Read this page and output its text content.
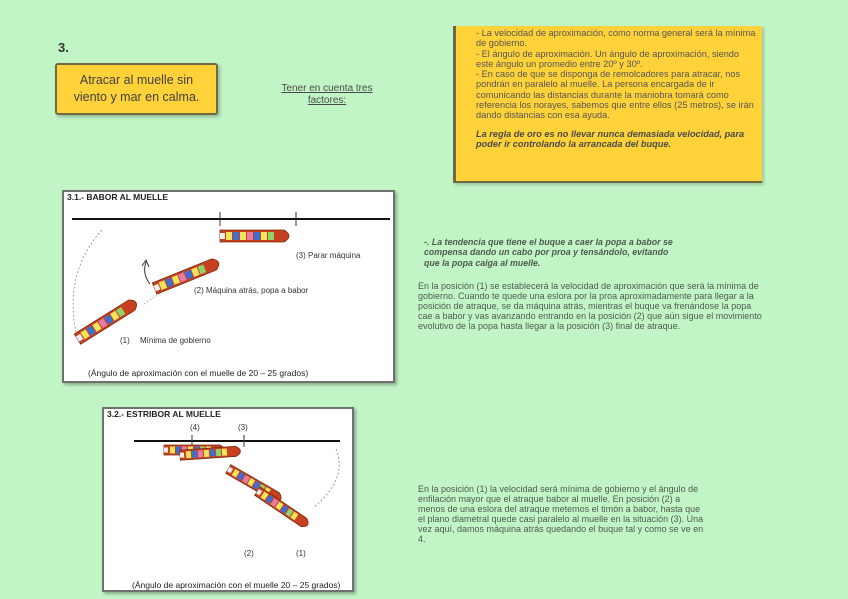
3.
Atracar al muelle sin viento y mar en calma.
Tener en cuenta tres factores:

- La velocidad de aproximación, como norma general será la mínima de gobierno.

- El ángulo de aproximación. Un ángulo de aproximación, siendo este ángulo un promedio entre 20º y 30º.

- En caso de que se disponga de remolcadores para atracar, nos pondrán en paralelo al muelle. La persona encargada de ir comunicando las distancias durante la maniobra tomará como referencia los norayes, sabemos que entre ellos (25 metros), se irán dando distancias con esa ayuda.

La regla de oro es no llevar nunca demasiada velocidad, para poder ir controlando la arrancada del buque.

3.1.- BABOR AL MUELLE
(3) Parar máquina
(2) Máquina atrás, popa a babor
(1) Mínima de gobierno
(Ángulo de aproximación con el muelle de 20 – 25 grados)
3.2.- ESTRIBOR AL MUELLE
(4)	(3)
(2)	(1)
(Ángulo de aproximación con el muelle 20 – 25 grados)
-. La tendencia que tiene el buque a caer la popa a babor se compensa dando un cabo por proa y tensándolo, evitando que la popa caiga al muelle.
En la posición (1) se establecerá la velocidad de aproximación que será la mínima de gobierno. Cuando te quede una eslora por la proa aproximadamente para llegar a la posición de atraque, se da máquina atrás, mientras el buque va frenándose la popa cae a babor y vas avanzando entrando en la posición (2) que aún sigue el movimiento evolutivo de la popa hasta llegar a la posición (3) final de atraque.
En la posición (1) la velocidad será mínima de gobierno y el ángulo de enfilación mayor que el atraque babor al muelle. En posición (2) a menos de una eslora del atraque metemos el timón a babor, hasta que el plano diametral quede casi paralelo al muelle en la situación (3). Una vez aquí, damos máquina atrás quedando el buque tal y como se ve en 4.
